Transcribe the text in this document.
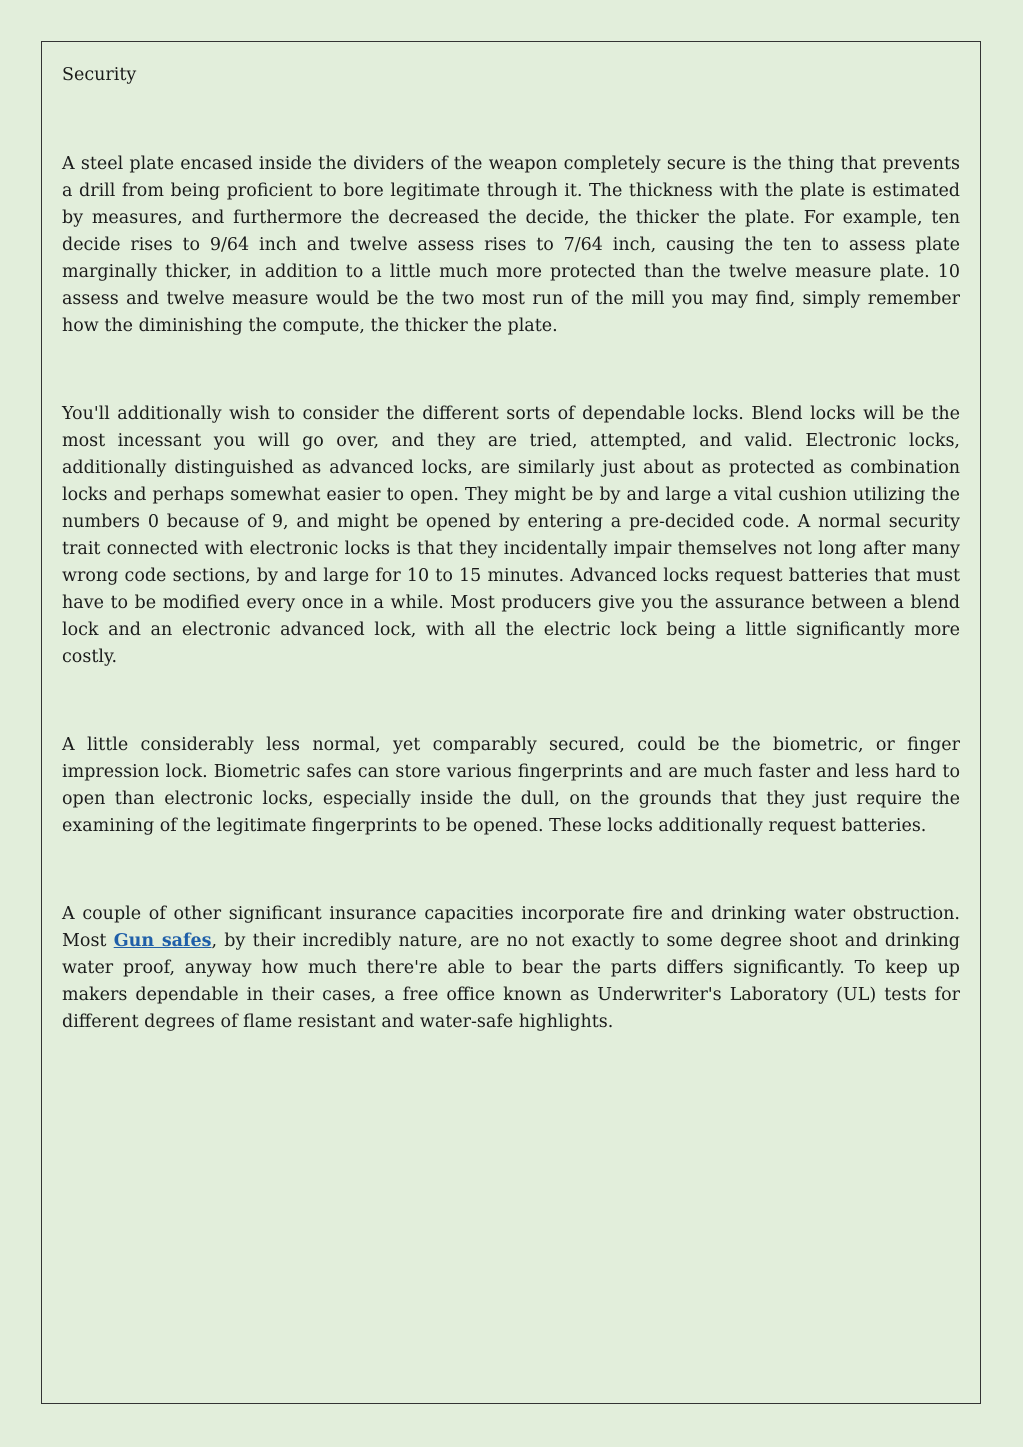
Security

A steel plate encased inside the dividers of the weapon completely secure is the thing that prevents a drill from being proficient to bore legitimate through it. The thickness with the plate is estimated by measures, and furthermore the decreased the decide, the thicker the plate. For example, ten decide rises to 9/64 inch and twelve assess rises to 7/64 inch, causing the ten to assess plate marginally thicker, in addition to a little much more protected than the twelve measure plate. 10 assess and twelve measure would be the two most run of the mill you may find, simply remember how the diminishing the compute, the thicker the plate.

You'll additionally wish to consider the different sorts of dependable locks. Blend locks will be the most incessant you will go over, and they are tried, attempted, and valid. Electronic locks, additionally distinguished as advanced locks, are similarly just about as protected as combination locks and perhaps somewhat easier to open. They might be by and large a vital cushion utilizing the numbers 0 because of 9, and might be opened by entering a pre-decided code. A normal security trait connected with electronic locks is that they incidentally impair themselves not long after many wrong code sections, by and large for 10 to 15 minutes. Advanced locks request batteries that must have to be modified every once in a while. Most producers give you the assurance between a blend lock and an electronic advanced lock, with all the electric lock being a little significantly more costly.

A little considerably less normal, yet comparably secured, could be the biometric, or finger impression lock. Biometric safes can store various fingerprints and are much faster and less hard to open than electronic locks, especially inside the dull, on the grounds that they just require the examining of the legitimate fingerprints to be opened. These locks additionally request batteries.

A couple of other significant insurance capacities incorporate fire and drinking water obstruction. Most Gun safes, by their incredibly nature, are no not exactly to some degree shoot and drinking water proof, anyway how much there're able to bear the parts differs significantly. To keep up makers dependable in their cases, a free office known as Underwriter's Laboratory (UL) tests for different degrees of flame resistant and water-safe highlights.
